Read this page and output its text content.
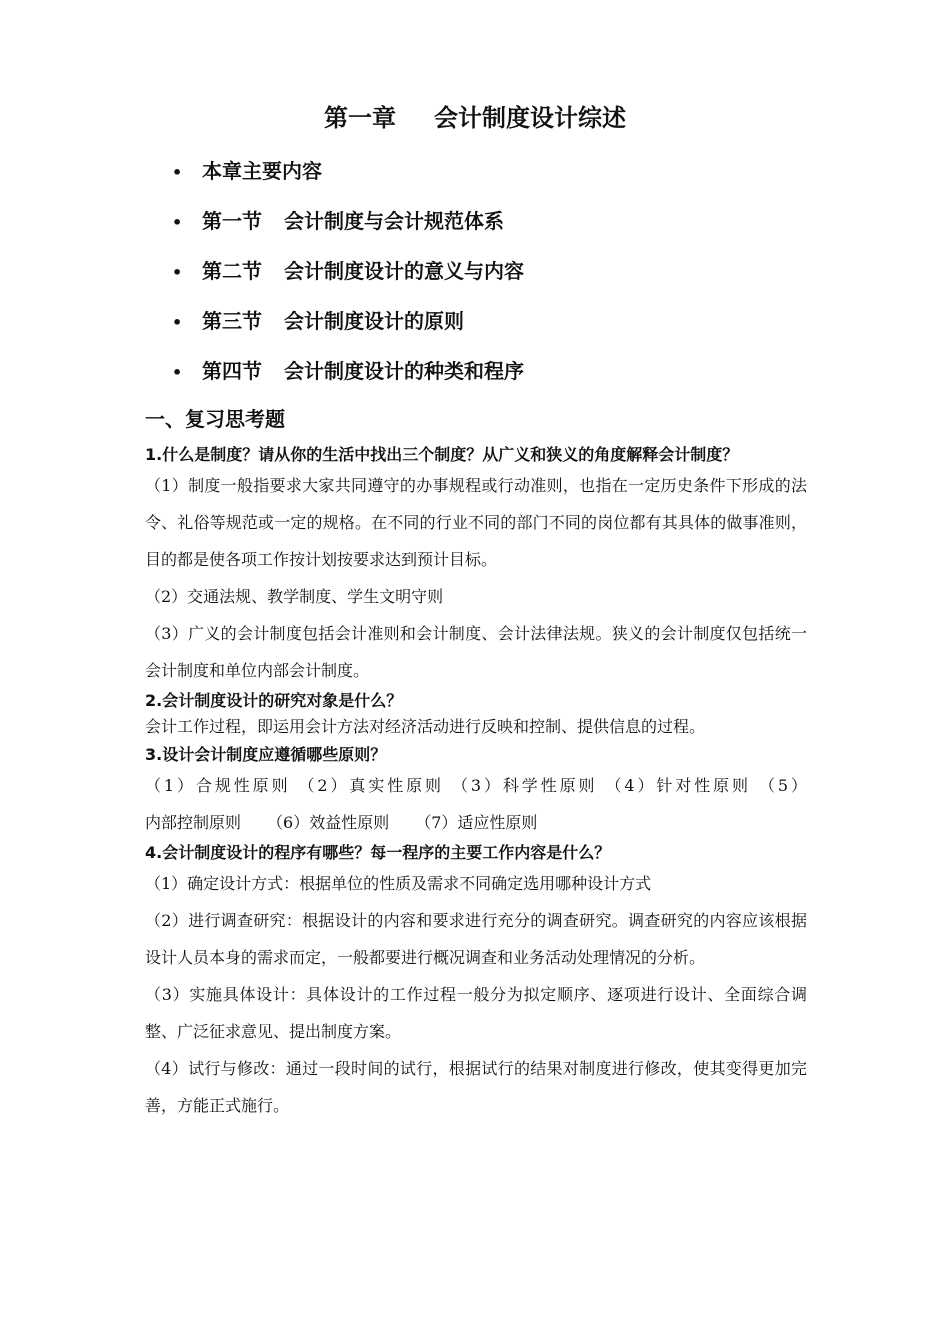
第一章 会计制度设计综述
• 本章主要内容
• 第一节 会计制度与会计规范体系
• 第二节 会计制度设计的意义与内容
• 第三节 会计制度设计的原则
• 第四节 会计制度设计的种类和程序
一、复习思考题

1.什么是制度？请从你的生活中找出三个制度？从广义和狭义的角度解释会计制度？

（1）制度一般指要求大家共同遵守的办事规程或行动准则，也指在一定历史条件下形成的法令、礼俗等规范或一定的规格。在不同的行业不同的部门不同的岗位都有其具体的做事准则，目的都是使各项工作按计划按要求达到预计目标。

（2）交通法规、教学制度、学生文明守则

（3）广义的会计制度包括会计准则和会计制度、会计法律法规。狭义的会计制度仅包括统一会计制度和单位内部会计制度。

2.会计制度设计的研究对象是什么？

会计工作过程，即运用会计方法对经济活动进行反映和控制、提供信息的过程。

3.设计会计制度应遵循哪些原则？

（1）合规性原则 （2）真实性原则 （3）科学性原则 （4）针对性原则 （5）

内部控制原则 （6）效益性原则 （7）适应性原则

4.会计制度设计的程序有哪些？每一程序的主要工作内容是什么？

（1）确定设计方式：根据单位的性质及需求不同确定选用哪种设计方式

（2）进行调查研究：根据设计的内容和要求进行充分的调查研究。调查研究的内容应该根据设计人员本身的需求而定，一般都要进行概况调查和业务活动处理情况的分析。

（3）实施具体设计：具体设计的工作过程一般分为拟定顺序、逐项进行设计、全面综合调整、广泛征求意见、提出制度方案。

（4）试行与修改：通过一段时间的试行，根据试行的结果对制度进行修改，使其变得更加完善，方能正式施行。
